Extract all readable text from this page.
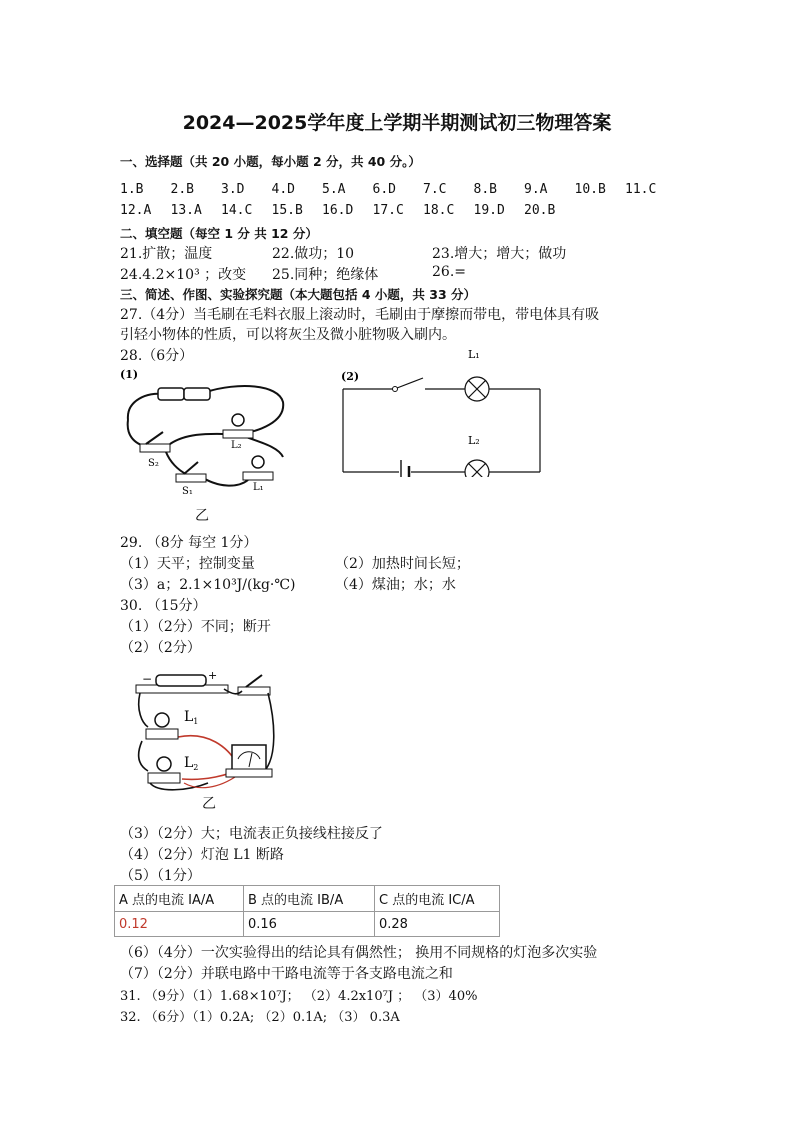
2024—2025学年度上学期半期测试初三物理答案
一、选择题（共 20 小题，每小题 2 分，共 40 分。）
1.B 2.B 3.D 4.D 5.A 6.D 7.C 8.B 9.A 10.B 11.C
12.A 13.A 14.C 15.B 16.D 17.C 18.C 19.D 20.B
二、填空题（每空 1 分 共 12 分）
21.扩散；温度	22.做功；10	23.增大；增大；做功
24.4.2×10³ ；改变 25.同种；绝缘体	26.=
三、简述、作图、实验探究题（本大题包括 4 小题，共 33 分）
27.（4分）当毛刷在毛料衣服上滚动时，毛刷由于摩擦而带电，带电体具有吸
引轻小物体的性质，可以将灰尘及微小脏物吸入刷内。
28.（6分）
(1)
S₂
L₂
S₁	L₁
乙
(2)
L₁
L₂
29. （8分 每空 1分）
（1）天平；控制变量	（2）加热时间长短；
（3）a；2.1×10³J/(kg·℃)	（4）煤油；水；水
30. （15分）
（1）（2分）不同；断开
（2）（2分）
−	+
$L_1$
$L_2$
乙
（3）（2分）大；电流表正负接线柱接反了
（4）（2分）灯泡 L1 断路
（5）（1分）
A 点的电流 IA/A	B 点的电流 IB/A	C 点的电流 IC/A
0.12	0.16	0.28
（6）（4分）一次实验得出的结论具有偶然性； 换用不同规格的灯泡多次实验
（7）（2分）并联电路中干路电流等于各支路电流之和
31. （9分）（1）1.68×10⁷J； （2）4.2x10⁷J ； （3）40%
32. （6分）（1）0.2A; （2）0.1A; （3） 0.3A
